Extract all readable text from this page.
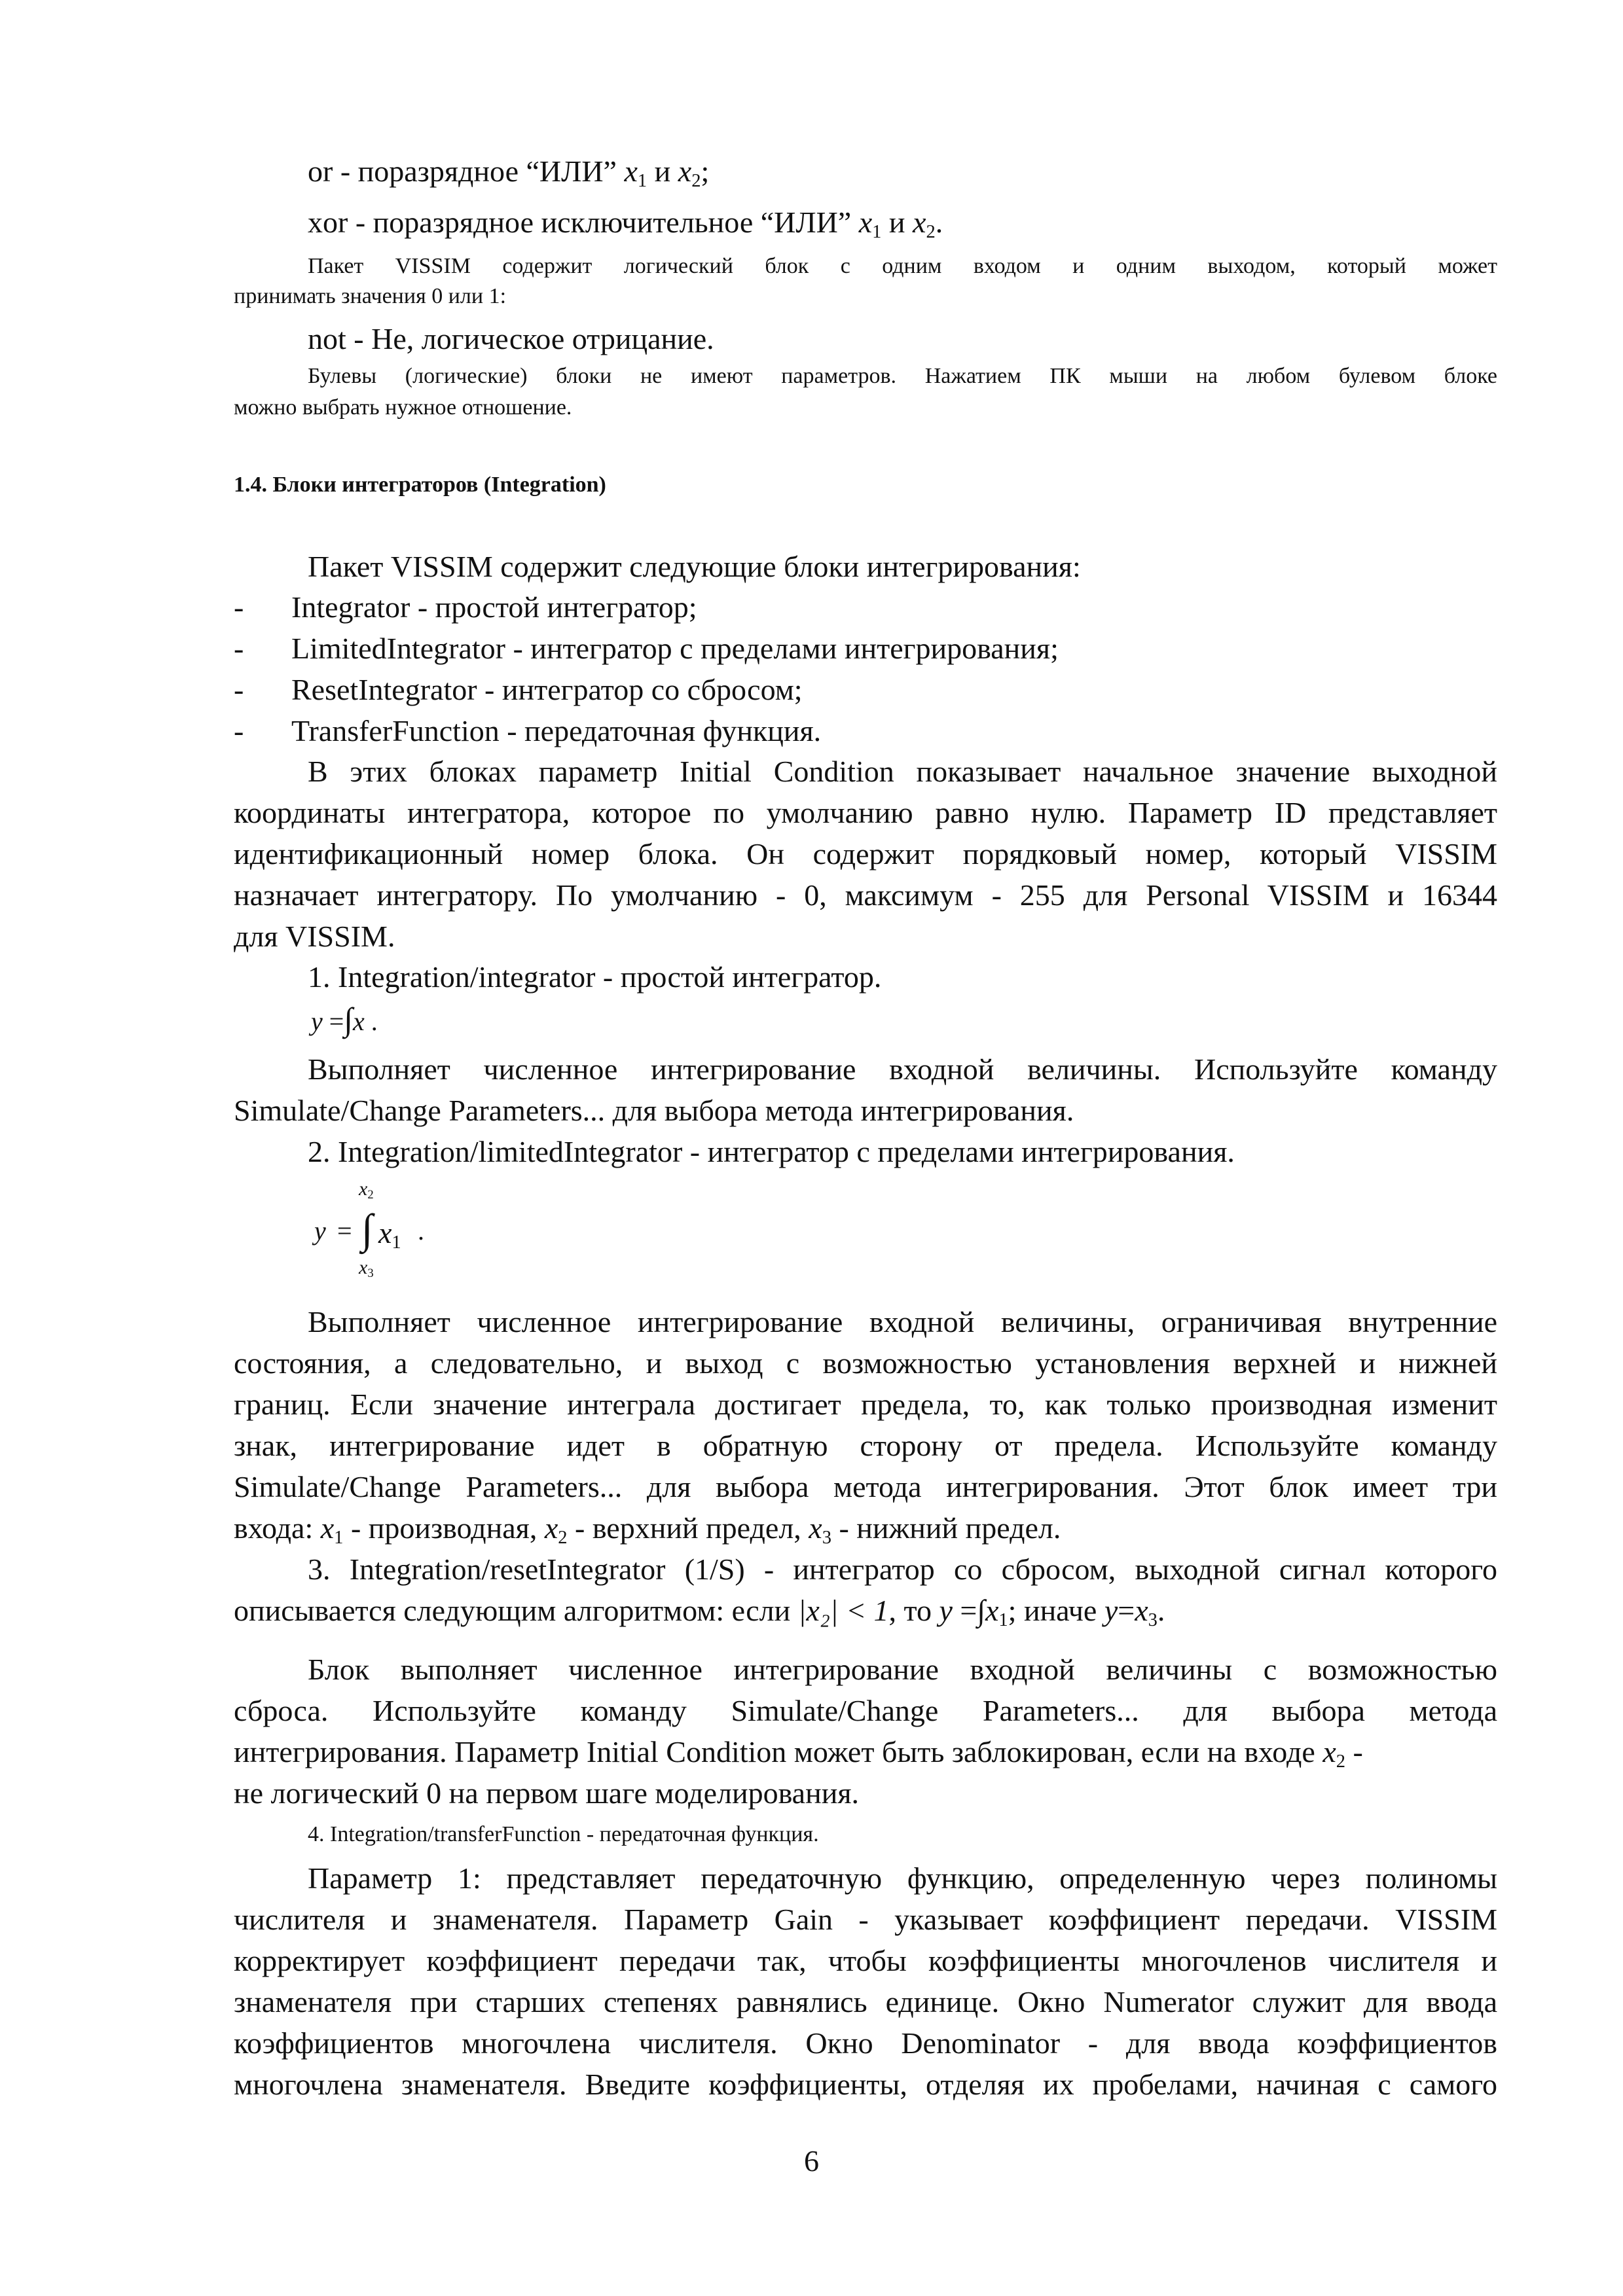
or - поразрядное “ИЛИ” $x_1$ и $x_2$;
xor - поразрядное исключительное “ИЛИ” $x_1$ и $x_2$.
Пакет VISSIM содержит логический блок с одним входом и одним выходом, который может
принимать значения 0 или 1:
not - Не, логическое отрицание.
Булевы (логические) блоки не имеют параметров. Нажатием ПК мыши на любом булевом блоке
можно выбрать нужное отношение.
1.4. Блоки интеграторов (Integration)
Пакет VISSIM содержит следующие блоки интегрирования:
-	Integrator - простой интегратор;
-	LimitedIntegrator - интегратор с пределами интегрирования;
-	ResetIntegrator - интегратор со сбросом;
-	TransferFunction - передаточная функция.
В этих блоках параметр Initial Condition показывает начальное значение выходной
координаты интегратора, которое по умолчанию равно нулю. Параметр ID представляет
идентификационный номер блока. Он содержит порядковый номер, который VISSIM
назначает интегратору. По умолчанию - 0, максимум - 255 для Personal VISSIM и 16344
для VISSIM.
1. Integration/integrator - простой интегратор.
y =∫x .
Выполняет численное интегрирование входной величины. Используйте команду
Simulate/Change Parameters... для выбора метода интегрирования.
2. Integration/limitedIntegrator - интегратор с пределами интегрирования.
$x_2$
y = ∫ $x_1$ .
$x_3$
Выполняет численное интегрирование входной величины, ограничивая внутренние
состояния, а следовательно, и выход с возможностью установления верхней и нижней
границ. Если значение интеграла достигает предела, то, как только производная изменит
знак, интегрирование идет в обратную сторону от предела. Используйте команду
Simulate/Change Parameters... для выбора метода интегрирования. Этот блок имеет три
входа: $x_1$ - производная, $x_2$ - верхний предел, $x_3$ - нижний предел.
3. Integration/resetIntegrator (1/S) - интегратор со сбросом, выходной сигнал которого
описывается следующим алгоритмом: если |x₂| < 1, то $y =\int x_1$; иначе $y=x_3$.
Блок выполняет численное интегрирование входной величины с возможностью
сброса. Используйте команду Simulate/Change Parameters... для выбора метода
интегрирования. Параметр Initial Condition может быть заблокирован, если на входе $x_2$ -
не логический 0 на первом шаге моделирования.
4. Integration/transferFunction - передаточная функция.
Параметр 1: представляет передаточную функцию, определенную через полиномы
числителя и знаменателя. Параметр Gain - указывает коэффициент передачи. VISSIM
корректирует коэффициент передачи так, чтобы коэффициенты многочленов числителя и
знаменателя при старших степенях равнялись единице. Окно Numerator служит для ввода
коэффициентов многочлена числителя. Окно Denominator - для ввода коэффициентов
многочлена знаменателя. Введите коэффициенты, отделяя их пробелами, начиная с самого
6
